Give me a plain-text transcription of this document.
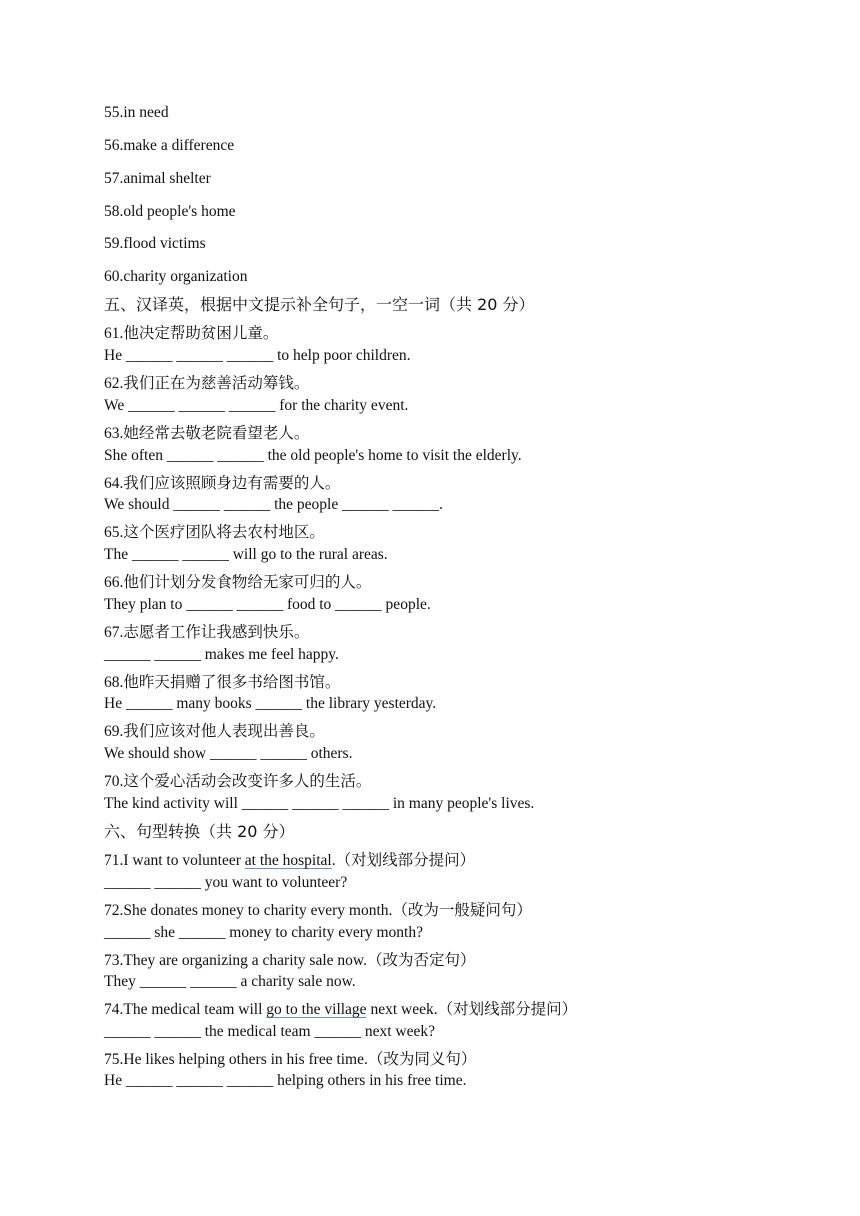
55.in need
56.make a difference
57.animal shelter
58.old people's home
59.flood victims
60.charity organization
五、汉译英，根据中文提示补全句子，一空一词（共 20 分）
61.他决定帮助贫困儿童。
He ______ ______ ______ to help poor children.
62.我们正在为慈善活动筹钱。
We ______ ______ ______ for the charity event.
63.她经常去敬老院看望老人。
She often ______ ______ the old people's home to visit the elderly.
64.我们应该照顾身边有需要的人。
We should ______ ______ the people ______ ______.
65.这个医疗团队将去农村地区。
The ______ ______ will go to the rural areas.
66.他们计划分发食物给无家可归的人。
They plan to ______ ______ food to ______ people.
67.志愿者工作让我感到快乐。
______ ______ makes me feel happy.
68.他昨天捐赠了很多书给图书馆。
He ______ many books ______ the library yesterday.
69.我们应该对他人表现出善良。
We should show ______ ______ others.
70.这个爱心活动会改变许多人的生活。
The kind activity will ______ ______ ______ in many people's lives.
六、句型转换（共 20 分）
71.I want to volunteer at the hospital.（对划线部分提问）
______ ______ you want to volunteer?
72.She donates money to charity every month.（改为一般疑问句）
______ she ______ money to charity every month?
73.They are organizing a charity sale now.（改为否定句）
They ______ ______ a charity sale now.
74.The medical team will go to the village next week.（对划线部分提问）
______ ______ the medical team ______ next week?
75.He likes helping others in his free time.（改为同义句）
He ______ ______ ______ helping others in his free time.
